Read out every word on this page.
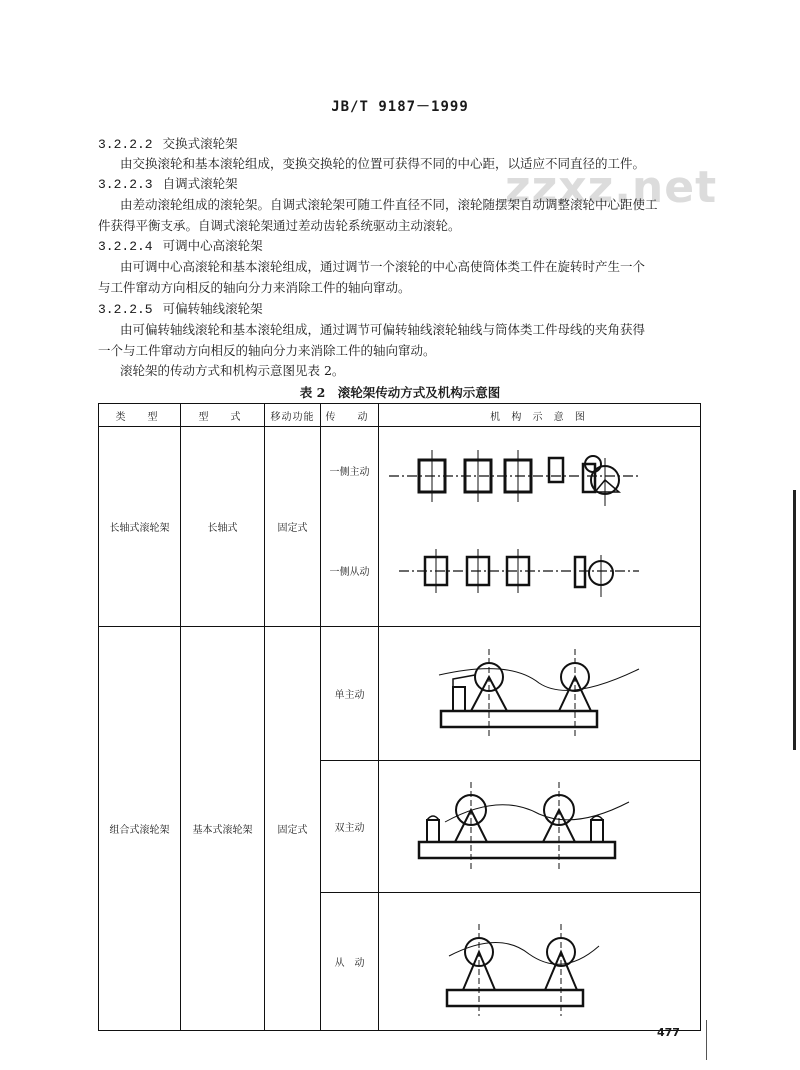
JB/T 9187－1999
zzxz.net
3.2.2.2 交换式滚轮架
由交换滚轮和基本滚轮组成，变换交换轮的位置可获得不同的中心距，以适应不同直径的工件。
3.2.2.3 自调式滚轮架
由差动滚轮组成的滚轮架。自调式滚轮架可随工件直径不同，滚轮随摆架自动调整滚轮中心距使工
件获得平衡支承。自调式滚轮架通过差动齿轮系统驱动主动滚轮。
3.2.2.4 可调中心高滚轮架
由可调中心高滚轮和基本滚轮组成，通过调节一个滚轮的中心高使筒体类工件在旋转时产生一个
与工件窜动方向相反的轴向分力来消除工件的轴向窜动。
3.2.2.5 可偏转轴线滚轮架
由可偏转轴线滚轮和基本滚轮组成，通过调节可偏转轴线滚轮轴线与筒体类工件母线的夹角获得
一个与工件窜动方向相反的轴向分力来消除工件的轴向窜动。
滚轮架的传动方式和机构示意图见表 2。
表 2　滚轮架传动方式及机构示意图
类　型	型　式	移动功能	传　动	机 构 示 意 图
长轴式滚轮架	长轴式	固定式	一侧主动	

			一侧从动	

组合式滚轮架	基本式滚轮架	固定式	单主动	

			双主动	

			从　动	
477
